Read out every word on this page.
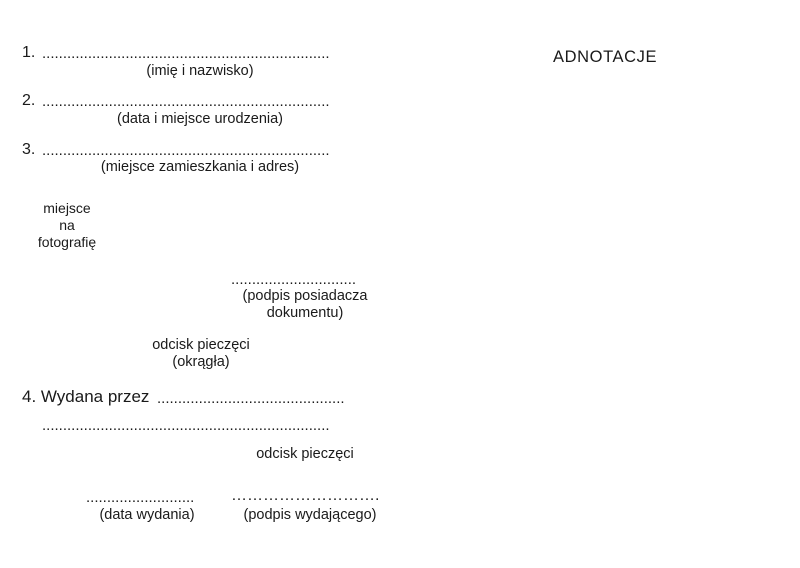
ADNOTACJE
1. .....................................................................
(imię i nazwisko)
2. .....................................................................
(data i miejsce urodzenia)
3. .....................................................................
(miejsce zamieszkania i adres)
miejsce
na
fotografię
..............................
(podpis posiadacza
dokumentu)
odcisk pieczęci
(okrągła)
4. Wydana przez .............................................
.....................................................................
odcisk pieczęci
..........................
(data wydania)
……………………….
(podpis wydającego)
